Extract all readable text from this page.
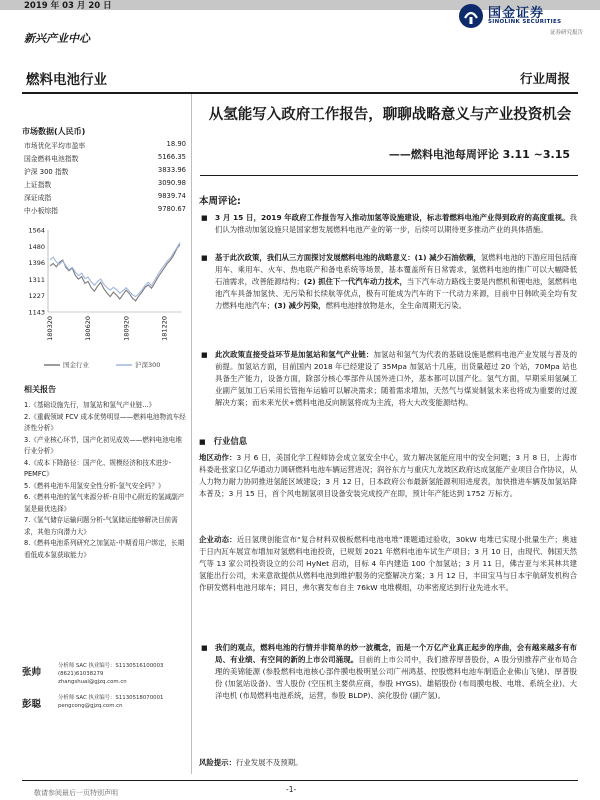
2019 年 03 月 20 日	国金证券
SINOLINK SECURITIES
证券研究报告
新兴产业中心
燃料电池行业	行业周报
市场数据(人民币)
市场优化平均市盈率	18.90
国金燃料电池指数	5166.35
沪深 300 指数	3833.96
上证指数	3090.98
深证成指	9839.74
中小板综指	9780.67
1564
1480
1396
1311
1227
1143
180320	180620	180920	181220
国金行业	沪深300
相关报告
1.《基础设施先行，加氢站和氢气产业链...》
2.《重载领域 FCV 成本优势明显——燃料电池物流车经济性分析》
3.《产业核心环节，国产化初见成效——燃料电池电堆行业分析》
4.《成本下降路径：国产化、规模经济和技术进步-PEMFC》
5.《燃料电池车用氢安全性分析-氢气安全吗？》
6.《燃料电池的氢气来源分析-自用中心附近的氢减副产氢是最优选择》
7.《氢气储存运输问题分析-气氢储运能够解决目前需求，其他方向潜力大》
8.《燃料电池系列研究之加氢站-中期看用户绑定，长期看低成本氢获取能力》
张帅
分析师 SAC 执业编号：S1130516100003
(8621)61038279
zhangshuai@gjzq.com.cn
彭聪
分析师 SAC 执业编号：S1130518070001
pengcong@gjzq.com.cn
从氢能写入政府工作报告，聊聊战略意义与产业投资机会
——燃料电池每周评论 3.11 ~3.15
本周评论:
■ 3 月 15 日，2019 年政府工作报告写入推动加氢等设施建设，标志着燃料电池产业得到政府的高度重视。我们认为推动加氢设施只是国家想发展燃料电池产业的第一步，后续可以期待更多推动产业的具体措施。
■ 基于此次政策，我们从三方面探讨发展燃料电池的战略意义：(1) 减少石油依赖，氢燃料电池的下游应用包括商用车、乘用车、火车、热电联产和备电系统等场景，基本覆盖所有日常需求，氢燃料电池的推广可以大幅降低石油需求，改善能源结构；(2) 抓住下一代汽车动力技术，当下汽车动力路线主要是内燃机和锂电池，氢燃料电池汽车具备加氢快、无污染和长续航等优点，极有可能成为汽车的下一代动力来源，目前中日韩欧美全均有发力燃料电池汽车；(3) 减少污染，燃料电池排放物是水，全生命周期无污染。
■ 此次政策直接受益环节是加氢站和氢气产业链：加氢站和氢气为代表的基础设施是燃料电池产业发展与普及的前提。加氢站方面，目前国内 2018 年已经建设了 35Mpa 加氢站十几座，出货量超过 20 个站，70Mpa 站也具备生产能力，设备方面，除部分核心零部件从国外进口外，基本都可以国产化。氢气方面，早期采用氢碱工业副产氢加工后采用长管拖车运输可以解决需求；随着需求增加，天然气与煤炭制氢未来也将成为重要的过渡解决方案；而未来光伏+燃料电池反向制氢将成为主流，将大大改变能源结构。
■ 行业信息
地区动作：3 月 6 日，美国化学工程师协会成立氢安全中心，致力解决氢能应用中的安全问题；3 月 8 日，上海市科委赴张家口亿华通动力调研燃料电池车辆运营进况；润谷东方与重庆九龙坡区政府达成氢能产业项目合作协议，从人力物力耐力协同推进氢能区域建设；3 月 12 日，日本政府公布最新氢能源利用进度表，加快推进车辆及加氢站降本普及；3 月 15 日，首个风电制氢项目设备安装完成投产在即，预计年产能达到 1752 万标方。
企业动态：近日氢璞创能宣布“复合材料双极板燃料电池电堆”课题通过验收，30kW 电堆已实现小批量生产；奥迪于日内瓦车展宣布增加对氢燃料电池投资，已规划 2021 年燃料电池车试生产项目；3 月 10 日，由现代、韩国天然气等 13 家公司投资设立的公司 HyNet 启动，目标 4 年内建造 100 个加氢站；3 月 11 日，佛吉亚与米其林共建氢能出行公司，未来意欲提供从燃料电池到维护服务的完整解决方案；3 月 12 日，丰田宝马与日本宇航研发机构合作研发燃料电池月球车；同日，弗尔赛发布自主 76kW 电堆模组，功率密度达到行业先进水平。
■ 我们的观点，燃料电池的行情并非简单的炒一波概念，而是一个万亿产业真正起步的序曲，会有越来越多有布局、有业绩、有空间的新的上市公司涌现。目前的上市公司中，我们推荐厚普股份，A 股分别推荐产业布局合理的美锦能源 (参股燃料电池核心部件膜电极明星公司广州鸿基、控股燃料电池车制造企业佛山飞驰)、厚普股份 (加氢站设备)、雪人股份 (空压机主要供应商，参股 HYGS)、雄韬股份 (布局膜电极、电堆、系统全业)、大洋电机 (布局燃料电池系统，运营，参股 BLDP)、滨化股份 (副产氢)。
风险提示：行业发展不及预期。
敬请参阅最后一页特别声明	-1-
